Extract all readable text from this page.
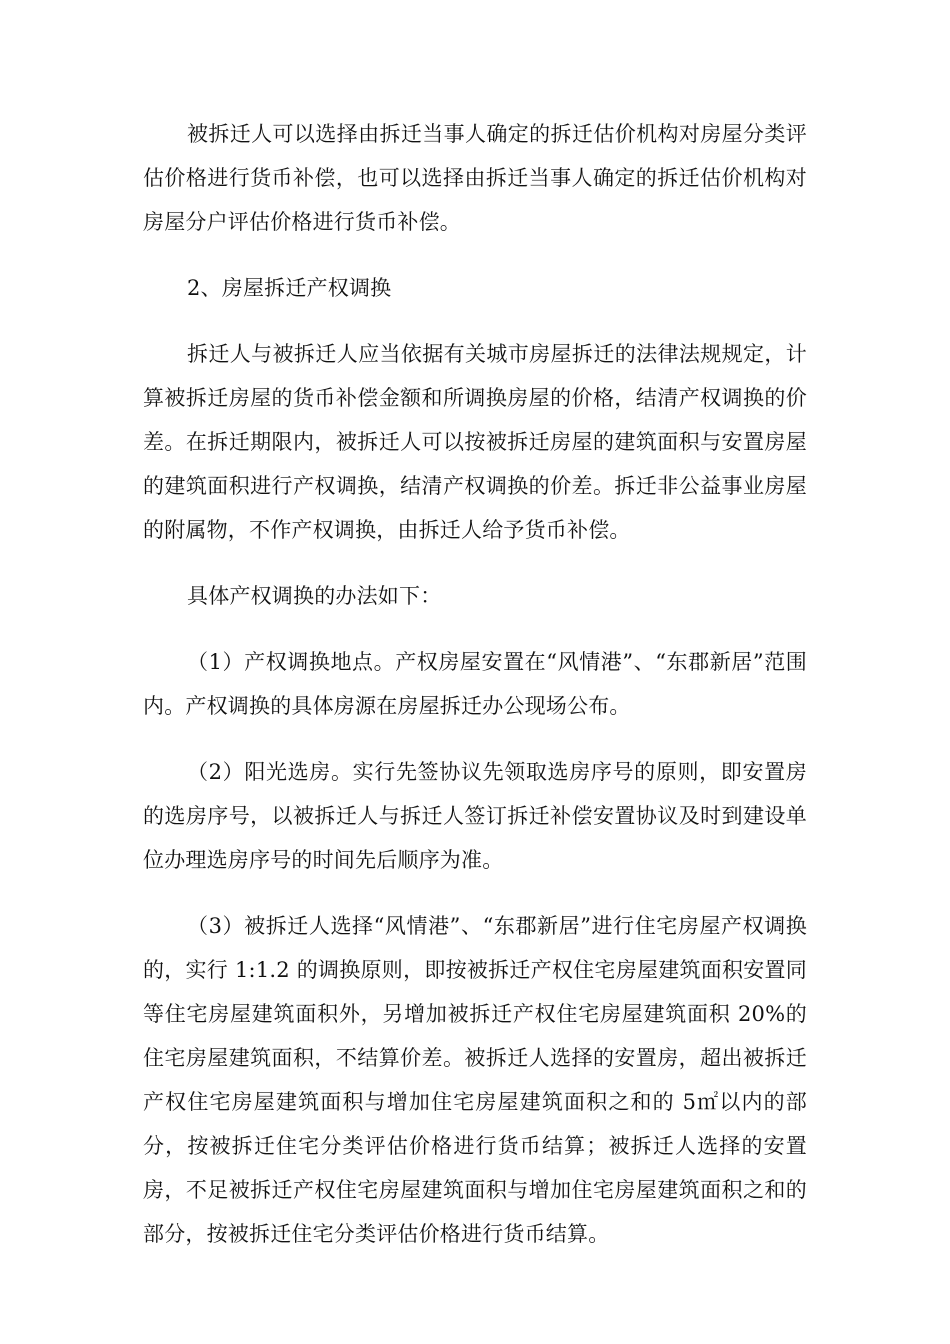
被拆迁人可以选择由拆迁当事人确定的拆迁估价机构对房屋分类评估价格进行货币补偿，也可以选择由拆迁当事人确定的拆迁估价机构对房屋分户评估价格进行货币补偿。

2、房屋拆迁产权调换

拆迁人与被拆迁人应当依据有关城市房屋拆迁的法律法规规定，计算被拆迁房屋的货币补偿金额和所调换房屋的价格，结清产权调换的价差。在拆迁期限内，被拆迁人可以按被拆迁房屋的建筑面积与安置房屋的建筑面积进行产权调换，结清产权调换的价差。拆迁非公益事业房屋的附属物，不作产权调换，由拆迁人给予货币补偿。

具体产权调换的办法如下：

（1）产权调换地点。产权房屋安置在“风情港”、“东郡新居”范围内。产权调换的具体房源在房屋拆迁办公现场公布。

（2）阳光选房。实行先签协议先领取选房序号的原则，即安置房的选房序号，以被拆迁人与拆迁人签订拆迁补偿安置协议及时到建设单位办理选房序号的时间先后顺序为准。

（3）被拆迁人选择“风情港”、“东郡新居”进行住宅房屋产权调换的，实行 1:1.2 的调换原则，即按被拆迁产权住宅房屋建筑面积安置同等住宅房屋建筑面积外，另增加被拆迁产权住宅房屋建筑面积 20%的住宅房屋建筑面积，不结算价差。被拆迁人选择的安置房，超出被拆迁产权住宅房屋建筑面积与增加住宅房屋建筑面积之和的 5㎡以内的部分，按被拆迁住宅分类评估价格进行货币结算；被拆迁人选择的安置房，不足被拆迁产权住宅房屋建筑面积与增加住宅房屋建筑面积之和的部分，按被拆迁住宅分类评估价格进行货币结算。
